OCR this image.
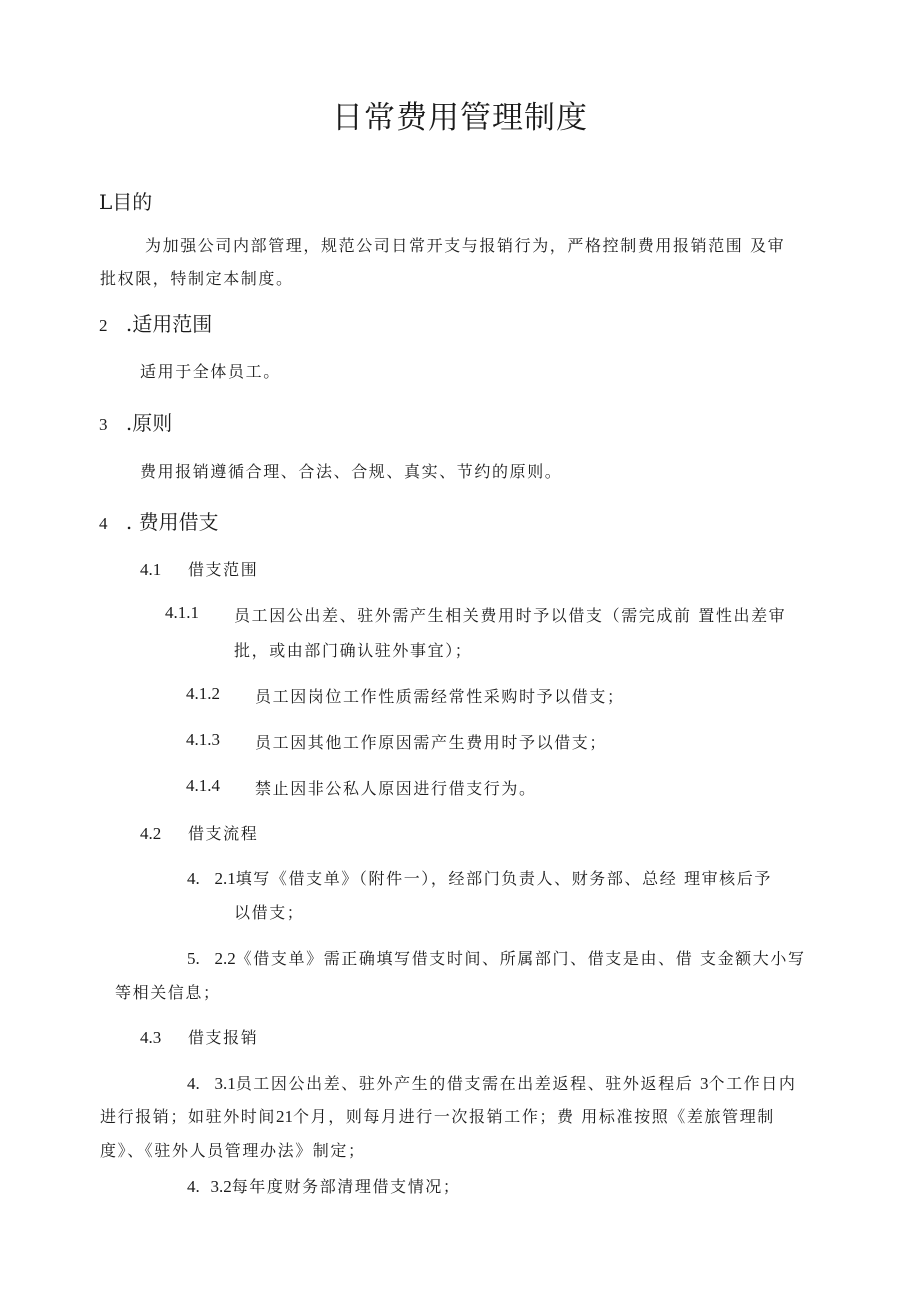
日常费用管理制度
L目的
为加强公司内部管理，规范公司日常开支与报销行为，严格控制费用报销范围 及审
批权限，特制定本制度。
2 .适用范围
适用于全体员工。
3 .原则
费用报销遵循合理、合法、合规、真实、节约的原则。
4 . 费用借支
4.1 借支范围
4.1.1 员工因公出差、驻外需产生相关费用时予以借支（需完成前 置性出差审
批，或由部门确认驻外事宜）；
4.1.2 员工因岗位工作性质需经常性采购时予以借支；
4.1.3 员工因其他工作原因需产生费用时予以借支；
4.1.4 禁止因非公私人原因进行借支行为。
4.2 借支流程
4. 2.1填写《借支单》（附件一），经部门负责人、财务部、总经 理审核后予
以借支；
5. 2.2《借支单》需正确填写借支时间、所属部门、借支是由、借 支金额大小写
等相关信息；
4.3 借支报销
4. 3.1员工因公出差、驻外产生的借支需在出差返程、驻外返程后 3个工作日内
进行报销；如驻外时间21个月，则每月进行一次报销工作；费 用标准按照《差旅管理制
度》、《驻外人员管理办法》制定；
4. 3.2每年度财务部清理借支情况；
